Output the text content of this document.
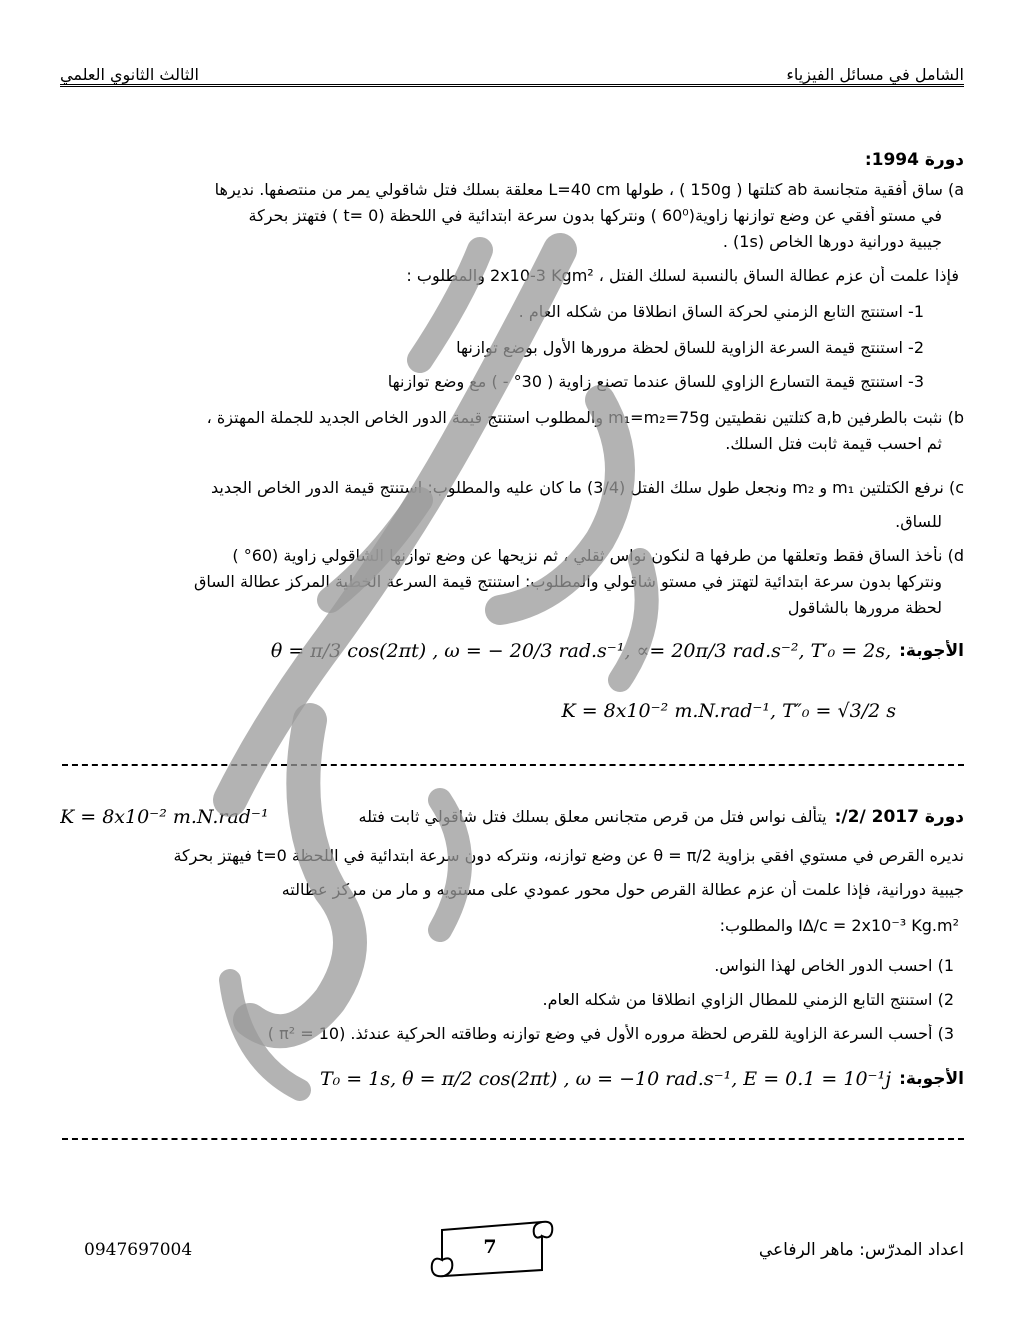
الثالث الثانوي العلمي	الشامل في مسائل الفيزياء
دورة 1994:
a) ساق أفقية متجانسة ab كتلتها ( 150g ) ، طولها L=40 cm معلقة بسلك فتل شاقولي يمر من منتصفها. نديرها
في مستو أفقي عن وضع توازنها زاوية(60⁰ ) ونتركها بدون سرعة ابتدائية في اللحظة (0 =t ) فتهتز بحركة
جيبية دورانية دورها الخاص (1s) .
فإذا علمت أن عزم عطالة الساق بالنسبة لسلك الفتل ، 2x10-3 Kgm² والمطلوب :
1- استنتج التابع الزمني لحركة الساق انطلاقا من شكله العام .
2- استنتج قيمة السرعة الزاوية للساق لحظة مرورها الأول بوضع توازنها
3- استنتج قيمة التسارع الزاوي للساق عندما تصنع زاوية ( 30° - ) مع وضع توازنها
b) نثبت بالطرفين a,b كتلتين نقطيتين m₁=m₂=75g والمطلوب استنتج قيمة الدور الخاص الجديد للجملة المهتزة ،
ثم احسب قيمة ثابت فتل السلك.
c) نرفع الكتلتين m₁ و m₂ ونجعل طول سلك الفتل (3/4) ما كان عليه والمطلوب: استنتج قيمة الدور الخاص الجديد
للساق.
d) نأخذ الساق فقط وتعلقها من طرفها a لنكون نواس ثقلي ، ثم نزيحها عن وضع توازنها الشاقولي زاوية (60° )
ونتركها بدون سرعة ابتدائية لتهتز في مستو شاقولي والمطلوب: استنتج قيمة السرعة الخطية المركز عطالة الساق
لحظة مرورها بالشاقول
θ = π/3 cos(2πt) , ω = − 20/3 rad.s⁻¹, ∝= 20π/3 rad.s⁻², T′₀ = 2s, الأجوبة:
K = 8x10⁻² m.N.rad⁻¹, T″₀ = √3/2 s
K = 8x10⁻² m.N.rad⁻¹	دورة 2017 /2/:
يتألف نواس فتل من قرص متجانس معلق بسلك فتل شاقولي ثابت فتله
نديره القرص في مستوي افقي بزاوية θ = π/2 عن وضع توازنه، ونتركه دون سرعة ابتدائية في اللحظة t=0 فيهتز بحركة
جيبية دورانية، فإذا علمت أن عزم عطالة القرص حول محور عمودي على مستويه و مار من مركز عطالته
I∆/c = 2x10⁻³ Kg.m² والمطلوب:
1) احسب الدور الخاص لهذا النواس.
2) استنتج التابع الزمني للمطال الزاوي انطلاقا من شكله العام.
3) أحسب السرعة الزاوية للقرص لحظة مروره الأول في وضع توازنه وطاقته الحركية عندئذ. (π² = 10 )
T₀ = 1s, θ = π/2 cos(2πt) , ω = −10 rad.s⁻¹, E = 0.1 = 10⁻¹j الأجوبة:
0947697004	اعداد المدرّس: ماهر الرفاعي
7
